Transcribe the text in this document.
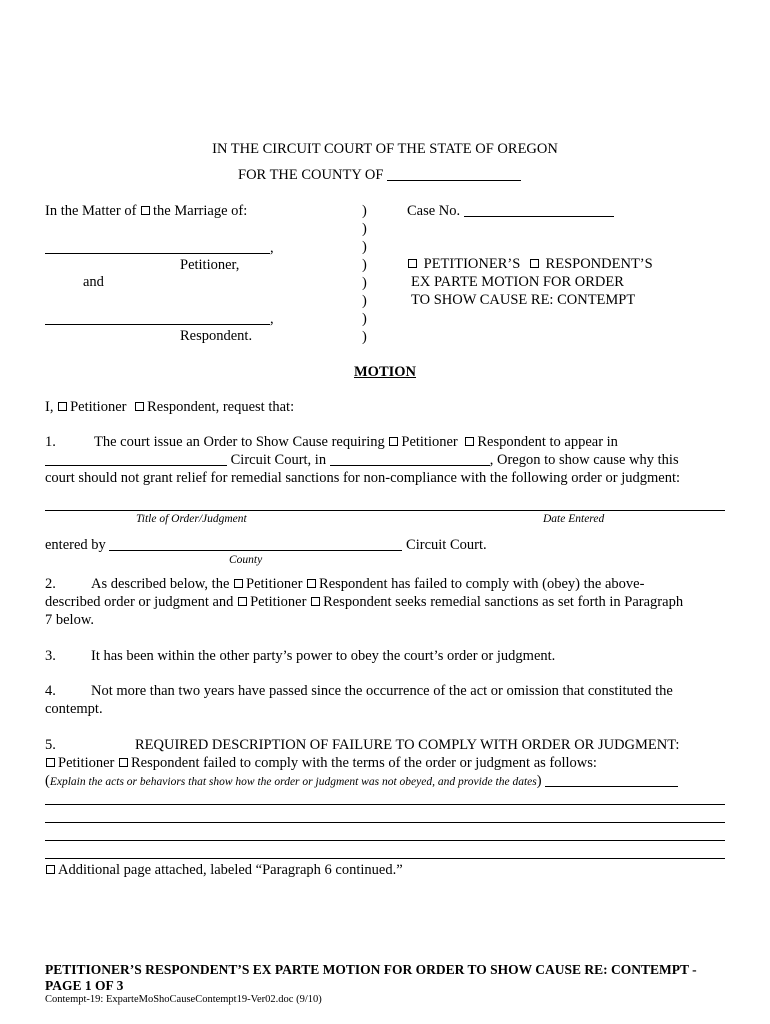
IN THE CIRCUIT COURT OF THE STATE OF OREGON
FOR THE COUNTY OF
In the Matter of the Marriage of:
,
Petitioner,
and
,
Respondent.
)
)
)
)
)
)
)
)
Case No.
PETITIONER’S RESPONDENT’S
EX PARTE MOTION FOR ORDER
TO SHOW CAUSE RE: CONTEMPT
MOTION
I, Petitioner Respondent, request that:
1.	The court issue an Order to Show Cause requiring Petitioner Respondent to appear in
Circuit Court, in	, Oregon to show cause why this
court should not grant relief for remedial sanctions for non-compliance with the following order or judgment:
Title of Order/Judgment	Date Entered
entered by	Circuit Court.
County
2. As described below, the Petitioner Respondent has failed to comply with (obey) the above-
described order or judgment and Petitioner Respondent seeks remedial sanctions as set forth in Paragraph
7 below.
3. It has been within the other party’s power to obey the court’s order or judgment.
4. Not more than two years have passed since the occurrence of the act or omission that constituted the
contempt.
5.	REQUIRED DESCRIPTION OF FAILURE TO COMPLY WITH ORDER OR JUDGMENT:
Petitioner Respondent failed to comply with the terms of the order or judgment as follows:
(Explain the acts or behaviors that show how the order or judgment was not obeyed, and provide the dates)
Additional page attached, labeled “Paragraph 6 continued.”
PETITIONER’S RESPONDENT’S EX PARTE MOTION FOR ORDER TO SHOW CAUSE RE: CONTEMPT -
PAGE 1 OF 3
Contempt-19: ExparteMoShoCauseContempt19-Ver02.doc (9/10)
